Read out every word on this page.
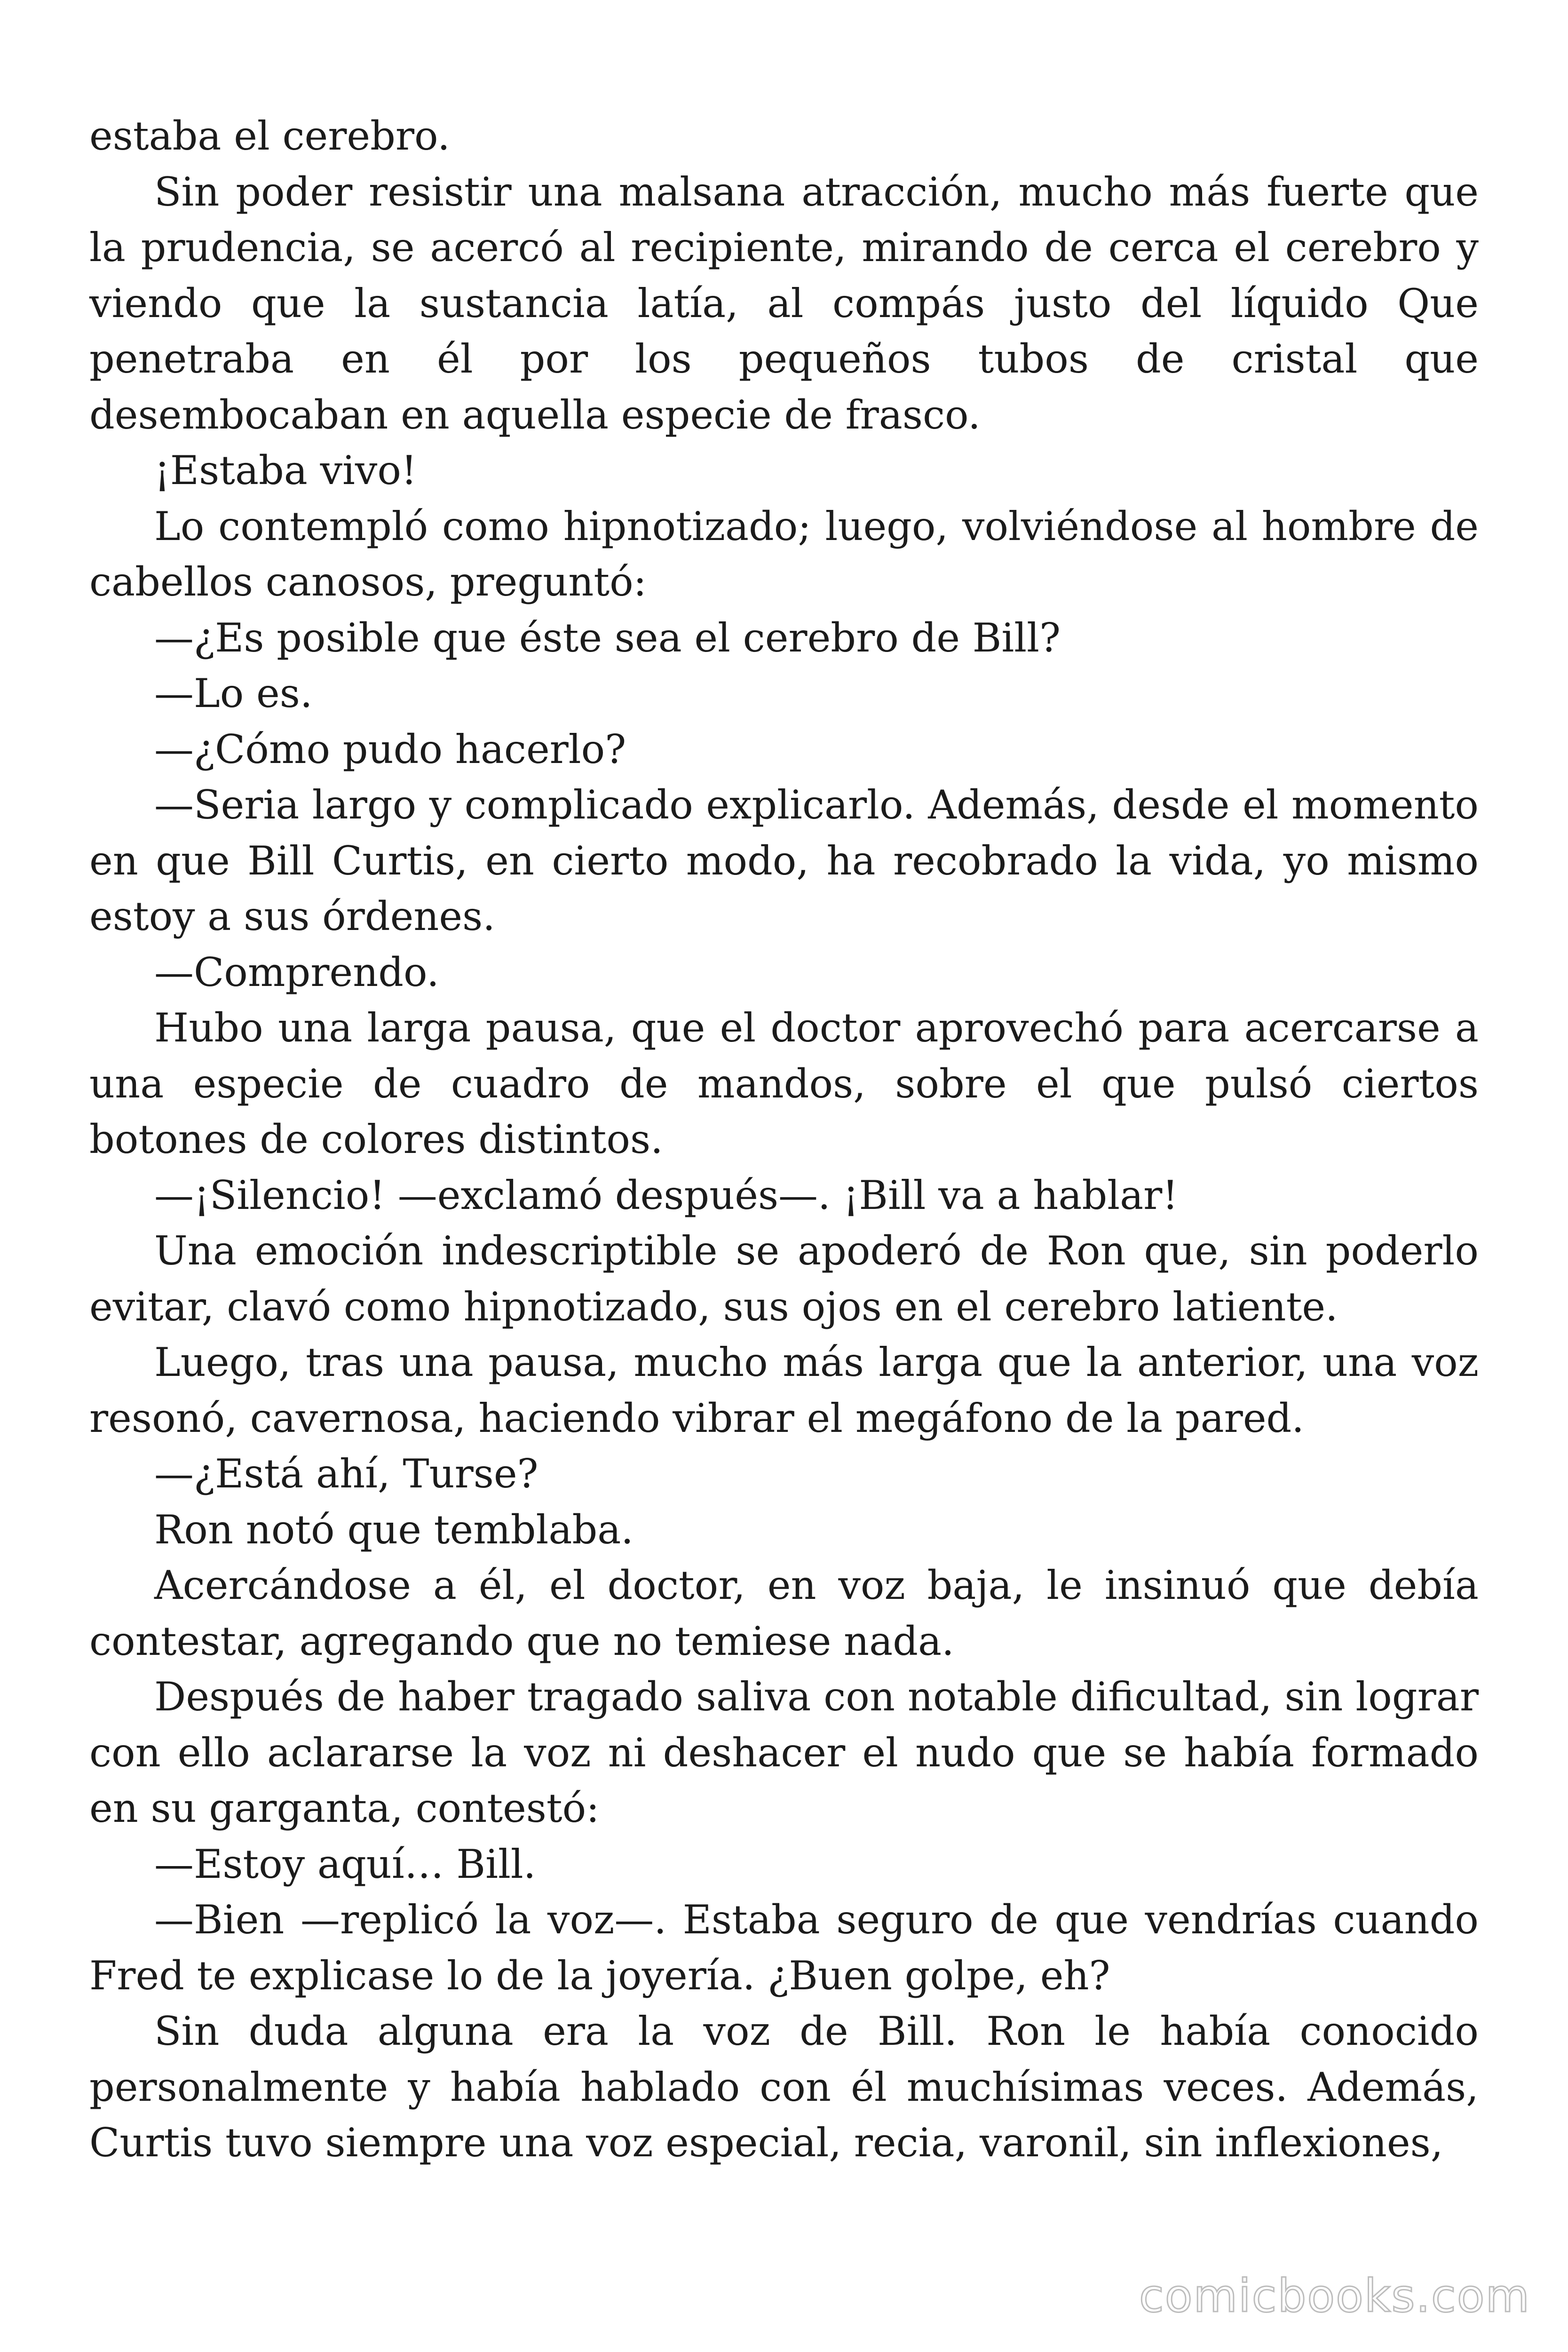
estaba el cerebro.

Sin poder resistir una malsana atracción, mucho más fuerte que la prudencia, se acercó al recipiente, mirando de cerca el cerebro y viendo que la sustancia latía, al compás justo del líquido Que penetraba en él por los pequeños tubos de cristal que desembocaban en aquella especie de frasco.

¡Estaba vivo!

Lo contempló como hipnotizado; luego, volviéndose al hombre de cabellos canosos, preguntó:

—¿Es posible que éste sea el cerebro de Bill?

—Lo es.

—¿Cómo pudo hacerlo?

—Seria largo y complicado explicarlo. Además, desde el momento en que Bill Curtis, en cierto modo, ha recobrado la vida, yo mismo estoy a sus órdenes.

—Comprendo.

Hubo una larga pausa, que el doctor aprovechó para acercarse a una especie de cuadro de mandos, sobre el que pulsó ciertos botones de colores distintos.

—¡Silencio! —exclamó después—. ¡Bill va a hablar!

Una emoción indescriptible se apoderó de Ron que, sin poderlo evitar, clavó como hipnotizado, sus ojos en el cerebro latiente.

Luego, tras una pausa, mucho más larga que la anterior, una voz resonó, cavernosa, haciendo vibrar el megáfono de la pared.

—¿Está ahí, Turse?

Ron notó que temblaba.

Acercándose a él, el doctor, en voz baja, le insinuó que debía contestar, agregando que no temiese nada.

Después de haber tragado saliva con notable dificultad, sin lograr con ello aclararse la voz ni deshacer el nudo que se había formado en su garganta, contestó:

—Estoy aquí… Bill.

—Bien —replicó la voz—. Estaba seguro de que vendrías cuando Fred te explicase lo de la joyería. ¿Buen golpe, eh?

Sin duda alguna era la voz de Bill. Ron le había conocido personalmente y había hablado con él muchísimas veces. Además, Curtis tuvo siempre una voz especial, recia, varonil, sin inflexiones,

comicbooks.com
